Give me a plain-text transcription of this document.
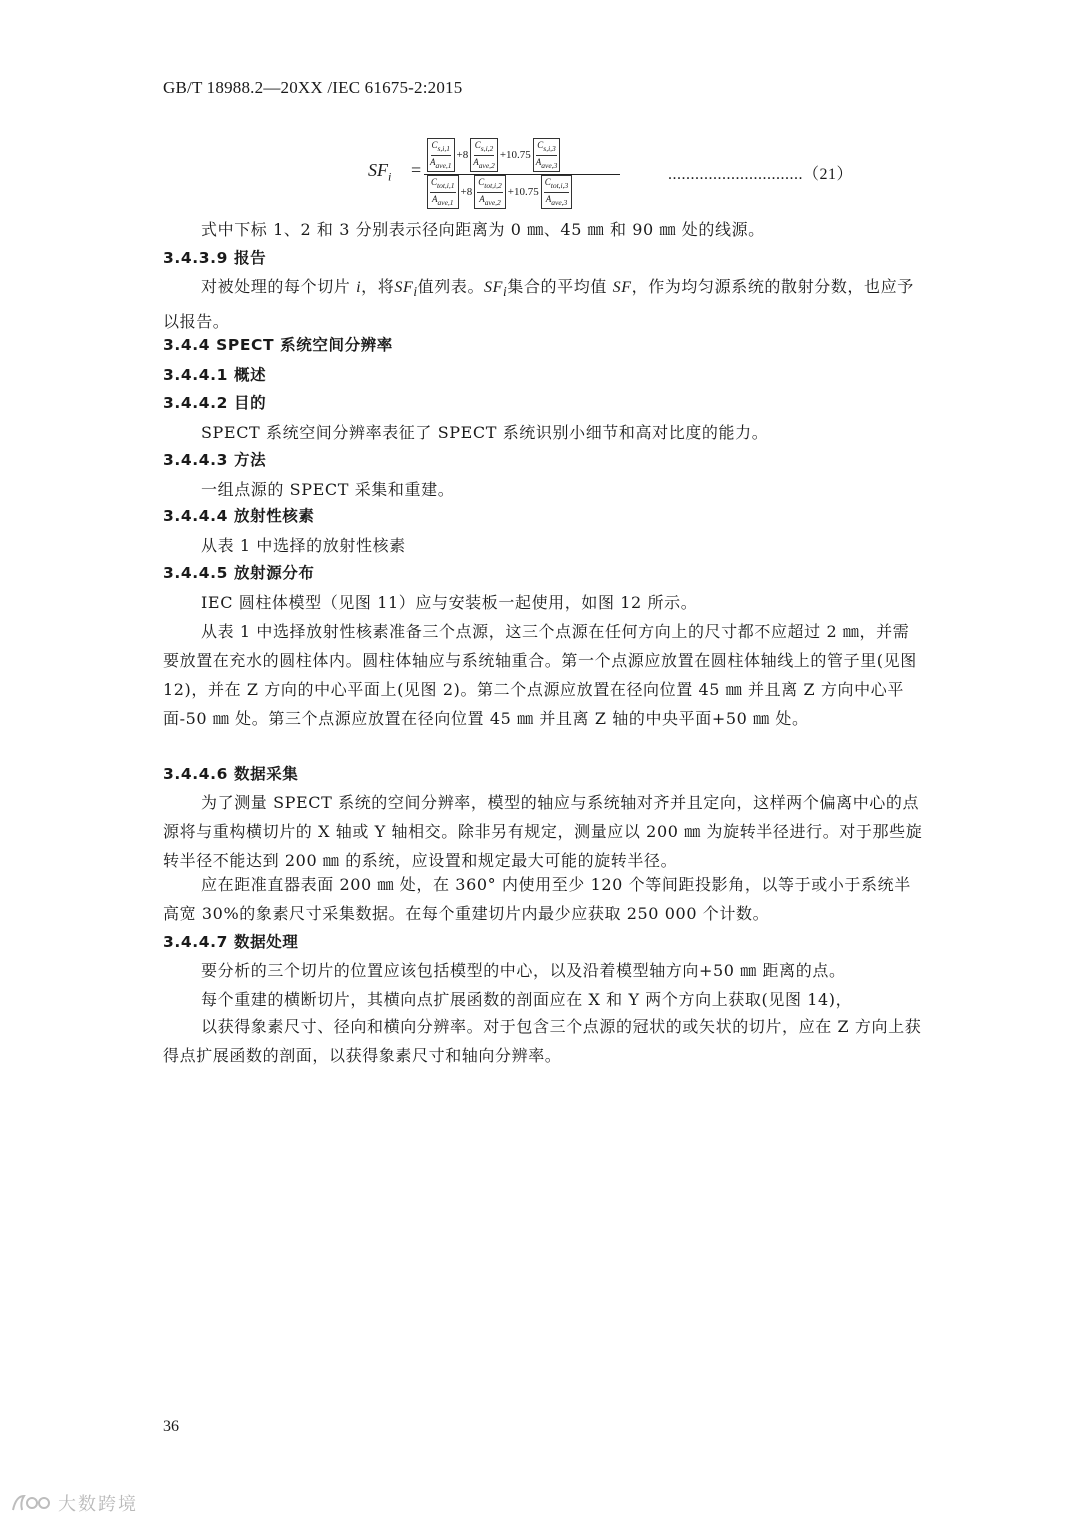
GB/T 18988.2—20XX /IEC 61675-2:2015
$SF_i$ =
$C_{s,i,1}$
$A_{ave,1}$
+8
$C_{s,i,2}$
$A_{ave,2}$
+10.75
$C_{s,i,3}$
$A_{ave,3}$
$C_{tot,i,1}$
$A_{ave,1}$
+8
$C_{tot,i,2}$
$A_{ave,2}$
+10.75
$C_{tot,i,3}$
$A_{ave,3}$
..............................（21）
式中下标 1、2 和 3 分别表示径向距离为 0 ㎜、45 ㎜ 和 90 ㎜ 处的线源。
3.4.3.9 报告
对被处理的每个切片 i，将$SF_i$值列表。$SF_i$集合的平均值 SF，作为均匀源系统的散射分数，也应予以报告。
3.4.4 SPECT 系统空间分辨率
3.4.4.1 概述
3.4.4.2 目的
SPECT 系统空间分辨率表征了 SPECT 系统识别小细节和高对比度的能力。
3.4.4.3 方法
一组点源的 SPECT 采集和重建。
3.4.4.4 放射性核素
从表 1 中选择的放射性核素
3.4.4.5 放射源分布
IEC 圆柱体模型（见图 11）应与安装板一起使用，如图 12 所示。
从表 1 中选择放射性核素准备三个点源，这三个点源在任何方向上的尺寸都不应超过 2 ㎜，并需要放置在充水的圆柱体内。圆柱体轴应与系统轴重合。第一个点源应放置在圆柱体轴线上的管子里(见图 12)，并在 Z 方向的中心平面上(见图 2)。第二个点源应放置在径向位置 45 ㎜ 并且离 Z 方向中心平面-50 ㎜ 处。第三个点源应放置在径向位置 45 ㎜ 并且离 Z 轴的中央平面+50 ㎜ 处。
3.4.4.6 数据采集
为了测量 SPECT 系统的空间分辨率，模型的轴应与系统轴对齐并且定向，这样两个偏离中心的点源将与重构横切片的 X 轴或 Y 轴相交。除非另有规定，测量应以 200 ㎜ 为旋转半径进行。对于那些旋转半径不能达到 200 ㎜ 的系统，应设置和规定最大可能的旋转半径。
应在距准直器表面 200 ㎜ 处，在 360° 内使用至少 120 个等间距投影角，以等于或小于系统半高宽 30%的象素尺寸采集数据。在每个重建切片内最少应获取 250 000 个计数。
3.4.4.7 数据处理
要分析的三个切片的位置应该包括模型的中心，以及沿着模型轴方向+50 ㎜ 距离的点。
每个重建的横断切片，其横向点扩展函数的剖面应在 X 和 Y 两个方向上获取(见图 14)，
以获得象素尺寸、径向和横向分辨率。对于包含三个点源的冠状的或矢状的切片，应在 Z 方向上获得点扩展函数的剖面，以获得象素尺寸和轴向分辨率。
36
大数跨境
